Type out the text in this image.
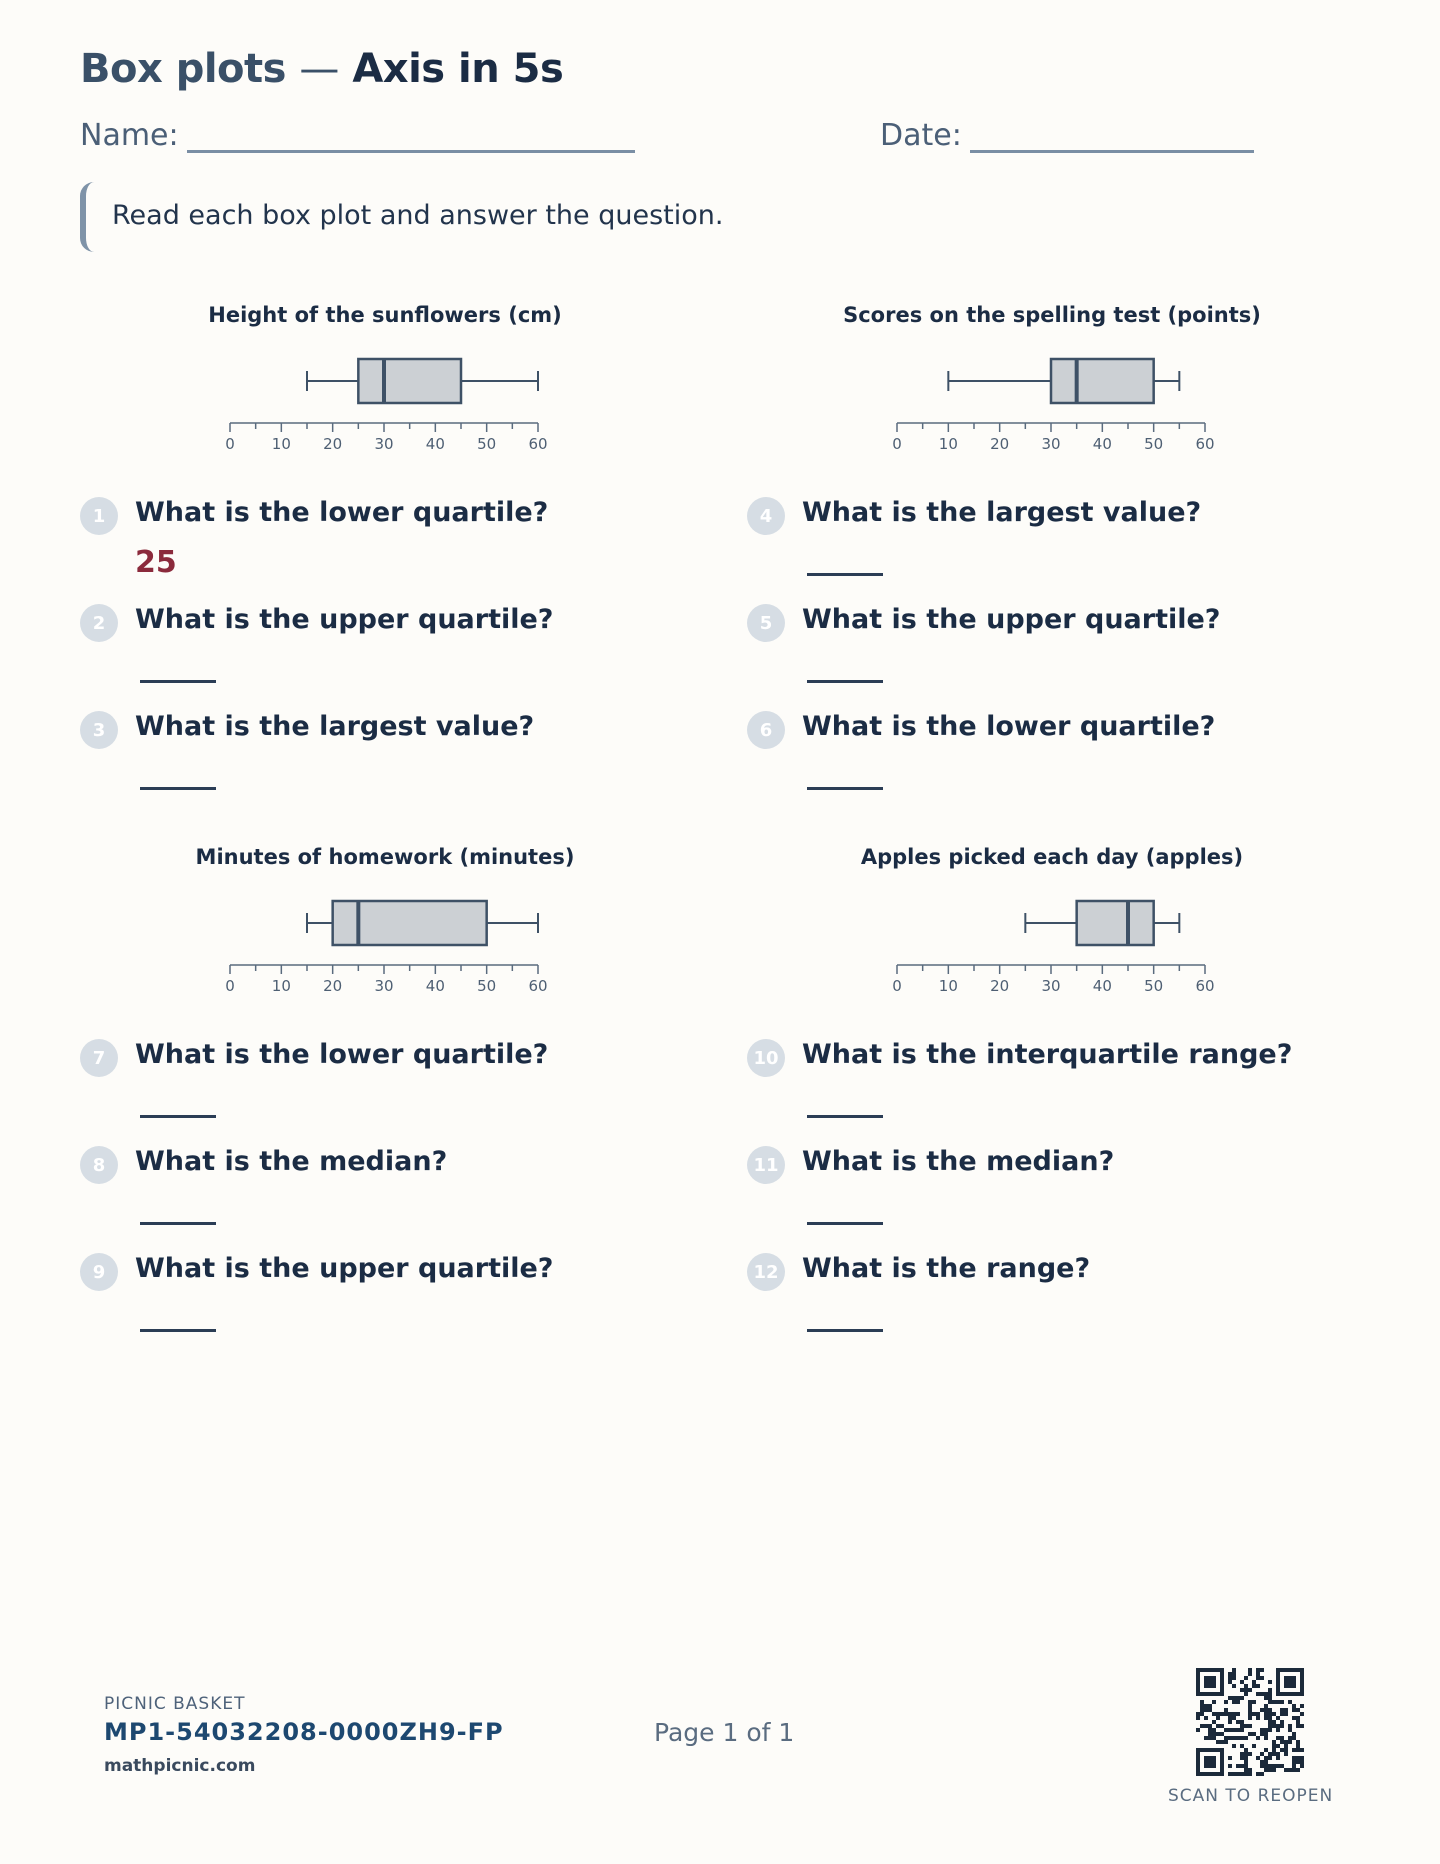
Box plots — Axis in 5s
Name:	Date:
Read each box plot and answer the question.
Height of the sunflowers (cm)	Scores on the spelling test (points)
Minutes of homework (minutes)	Apples picked each day (apples)
0 10 20 30 40 50 60	0 10 20 30 40 50 60
0 10 20 30 40 50 60	0 10 20 30 40 50 60
1	What is the lower quartile?
25
2	What is the upper quartile?
3	What is the largest value?
4	What is the largest value?
5	What is the upper quartile?
6	What is the lower quartile?
7	What is the lower quartile?
8	What is the median?
9	What is the upper quartile?
10 What is the interquartile range?
11 What is the median?
12 What is the range?
PICNIC BASKET
MP1-54032208-0000ZH9-FP
mathpicnic.com
Page 1 of 1
SCAN TO REOPEN
